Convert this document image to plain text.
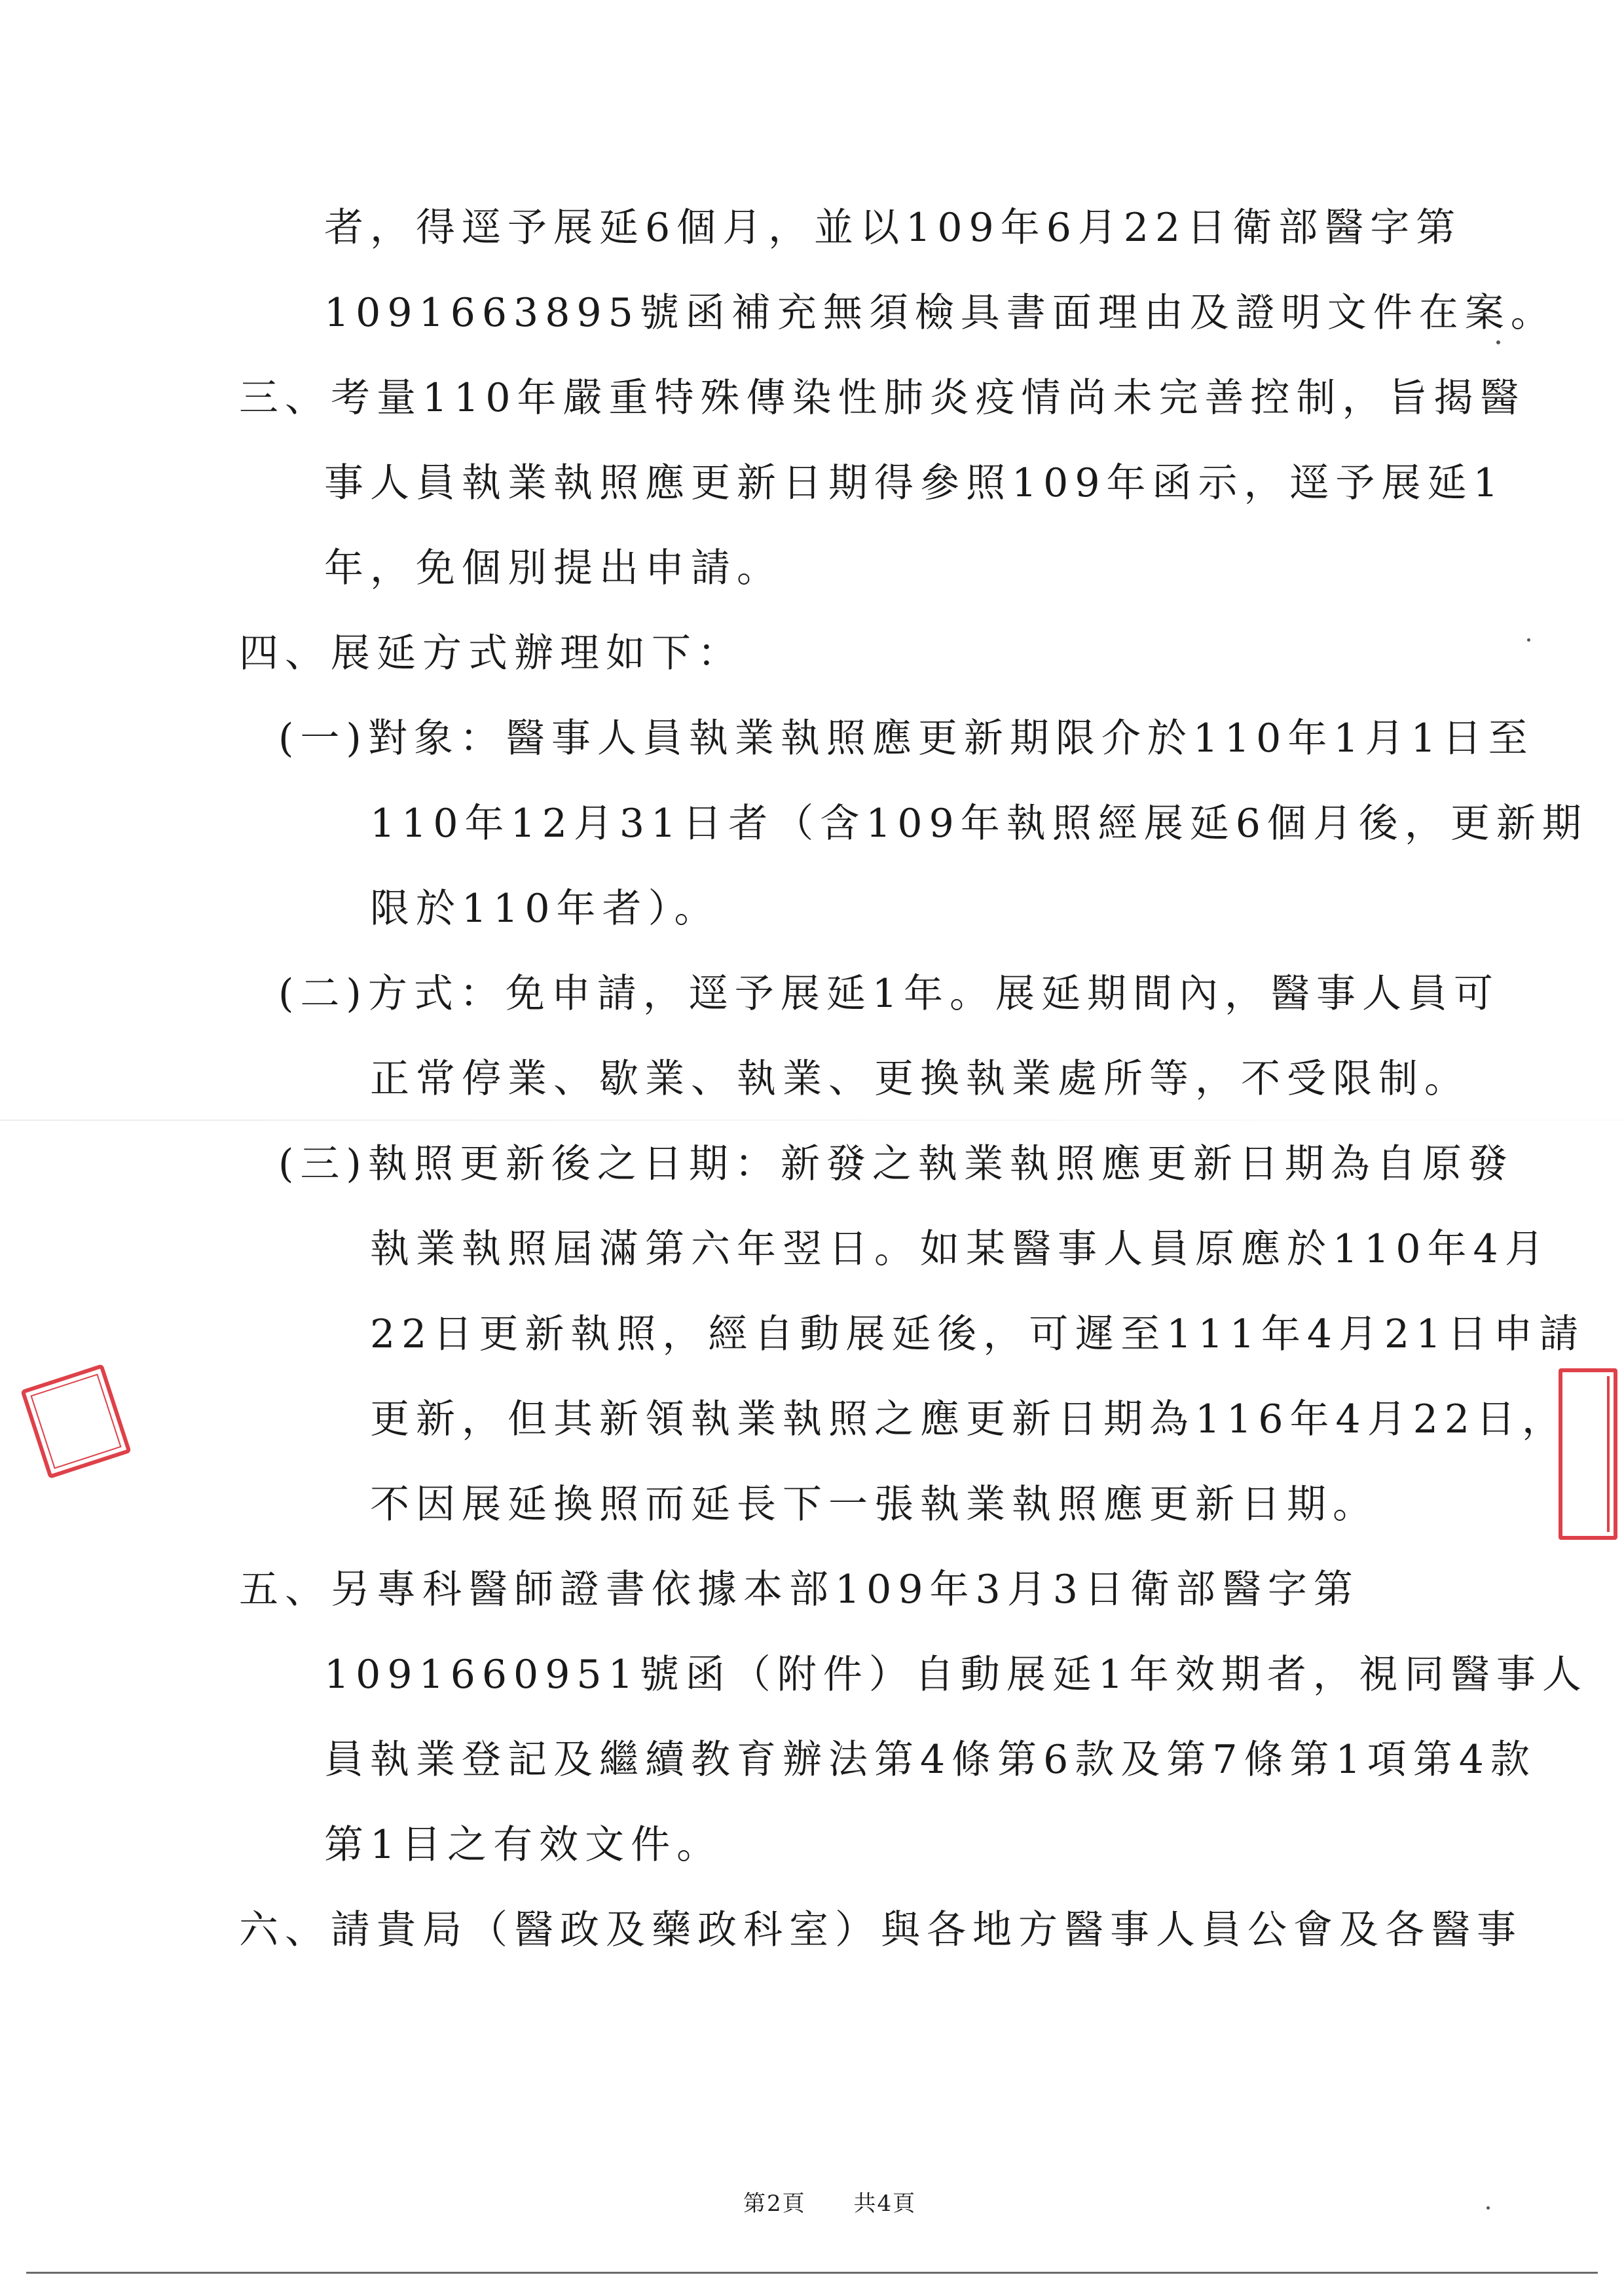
者，得逕予展延6個月，並以109年6月22日衛部醫字第
1091663895號函補充無須檢具書面理由及證明文件在案。
三、考量110年嚴重特殊傳染性肺炎疫情尚未完善控制，旨揭醫
事人員執業執照應更新日期得參照109年函示，逕予展延1
年，免個別提出申請。
四、展延方式辦理如下：
(一)對象：醫事人員執業執照應更新期限介於110年1月1日至
110年12月31日者（含109年執照經展延6個月後，更新期
限於110年者）。
(二)方式：免申請，逕予展延1年。展延期間內，醫事人員可
正常停業、歇業、執業、更換執業處所等，不受限制。
(三)執照更新後之日期：新發之執業執照應更新日期為自原發
執業執照屆滿第六年翌日。如某醫事人員原應於110年4月
22日更新執照，經自動展延後，可遲至111年4月21日申請
更新，但其新領執業執照之應更新日期為116年4月22日，
不因展延換照而延長下一張執業執照應更新日期。
五、另專科醫師證書依據本部109年3月3日衛部醫字第
1091660951號函（附件）自動展延1年效期者，視同醫事人
員執業登記及繼續教育辦法第4條第6款及第7條第1項第4款
第1目之有效文件。
六、請貴局（醫政及藥政科室）與各地方醫事人員公會及各醫事
第2頁 共4頁
